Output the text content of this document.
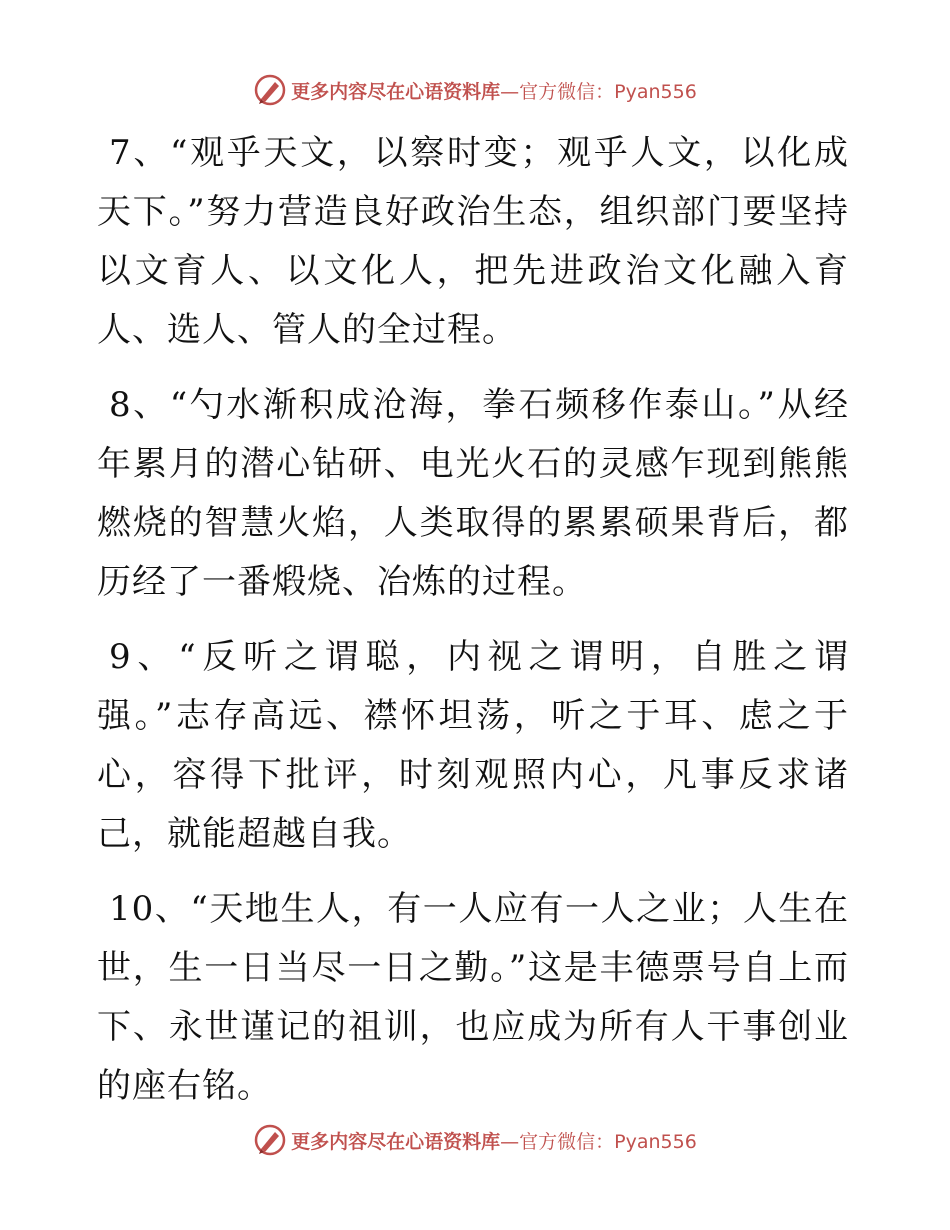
更多内容尽在心语资料库—官方微信：Pyan556

7、“观乎天文，以察时变；观乎人文，以化成天下。”努力营造良好政治生态，组织部门要坚持以文育人、以文化人，把先进政治文化融入育人、选人、管人的全过程。

8、“勺水渐积成沧海，拳石频移作泰山。”从经年累月的潜心钻研、电光火石的灵感乍现到熊熊燃烧的智慧火焰，人类取得的累累硕果背后，都历经了一番煅烧、冶炼的过程。

9、“反听之谓聪，内视之谓明，自胜之谓强。”志存高远、襟怀坦荡，听之于耳、虑之于心，容得下批评，时刻观照内心，凡事反求诸己，就能超越自我。

10、“天地生人，有一人应有一人之业；人生在世，生一日当尽一日之勤。”这是丰德票号自上而下、永世谨记的祖训，也应成为所有人干事创业的座右铭。

更多内容尽在心语资料库—官方微信：Pyan556
